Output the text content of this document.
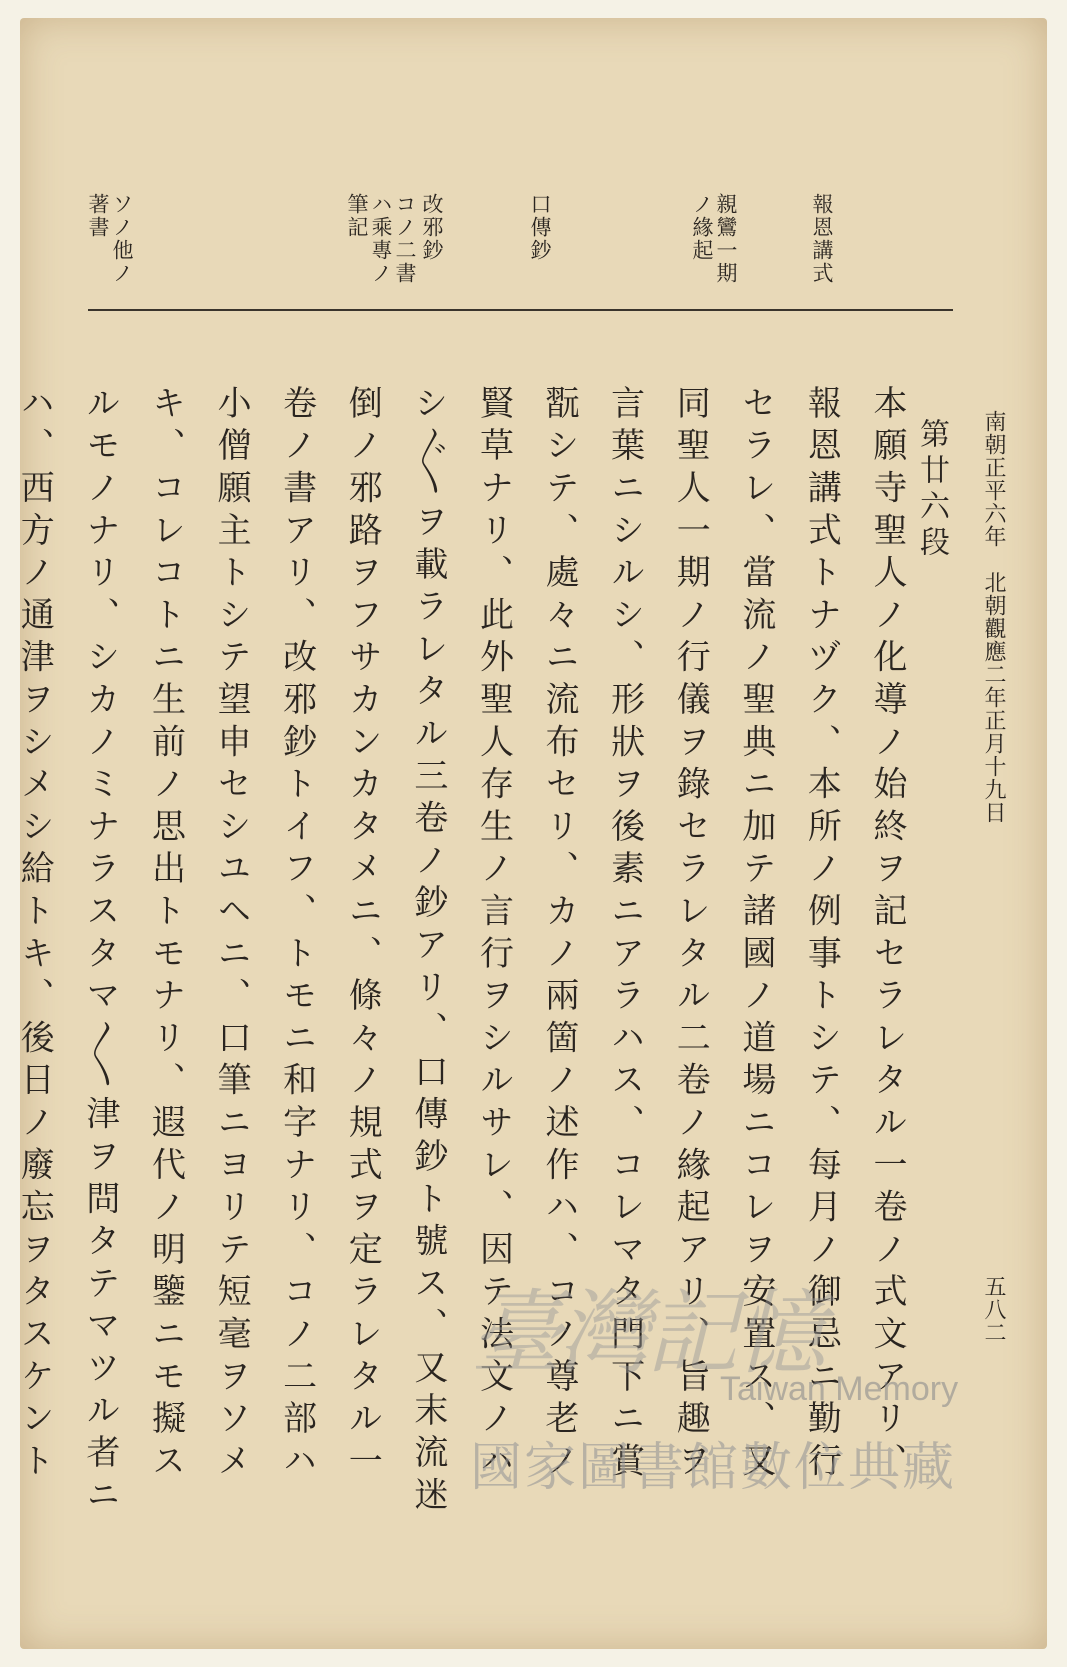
南朝正平六年　北朝觀應二年正月十九日
五八二
報恩講式
親鸞一期
ノ緣起
口傳鈔
改邪鈔
コノ二書
ハ乘專ノ
筆記
ソノ他ノ
著書
第廿六段

本願寺聖人ノ化導ノ始終ヲ記セラレタル一卷ノ式文アリ、報恩講式トナヅク、本所ノ例事トシテ、每月ノ御忌ニ勤行セラレ、當流ノ聖典ニ加テ諸國ノ道場ニコレヲ安置ス、又同聖人一期ノ行儀ヲ錄セラレタル二卷ノ緣起アリ、旨趣ヲ言葉ニシルシ、形狀ヲ後素ニアラハス、コレマタ門下ニ賞翫シテ、處々ニ流布セリ、カノ兩箇ノ述作ハ、コノ尊老ノ賢草ナリ、此外聖人存生ノ言行ヲシルサレ、因テ法文ノハシ〴〵ヲ載ラレタル三卷ノ鈔アリ、口傳鈔ト號ス、又末流迷倒ノ邪路ヲフサカンカタメニ、條々ノ規式ヲ定ラレタル一卷ノ書アリ、改邪鈔トイフ、トモニ和字ナリ、コノ二部ハ小僧願主トシテ望申セシユヘニ、口筆ニヨリテ短毫ヲソメキ、コレコトニ生前ノ思出トモナリ、遐代ノ明鑒ニモ擬スルモノナリ、シカノミナラスタマ〳〵津ヲ問タテマツル者ニハ、西方ノ通津ヲシメシ給トキ、後日ノ廢忘ヲタスケント

臺灣記憶
Taiwan Memory
國家圖書館數位典藏
